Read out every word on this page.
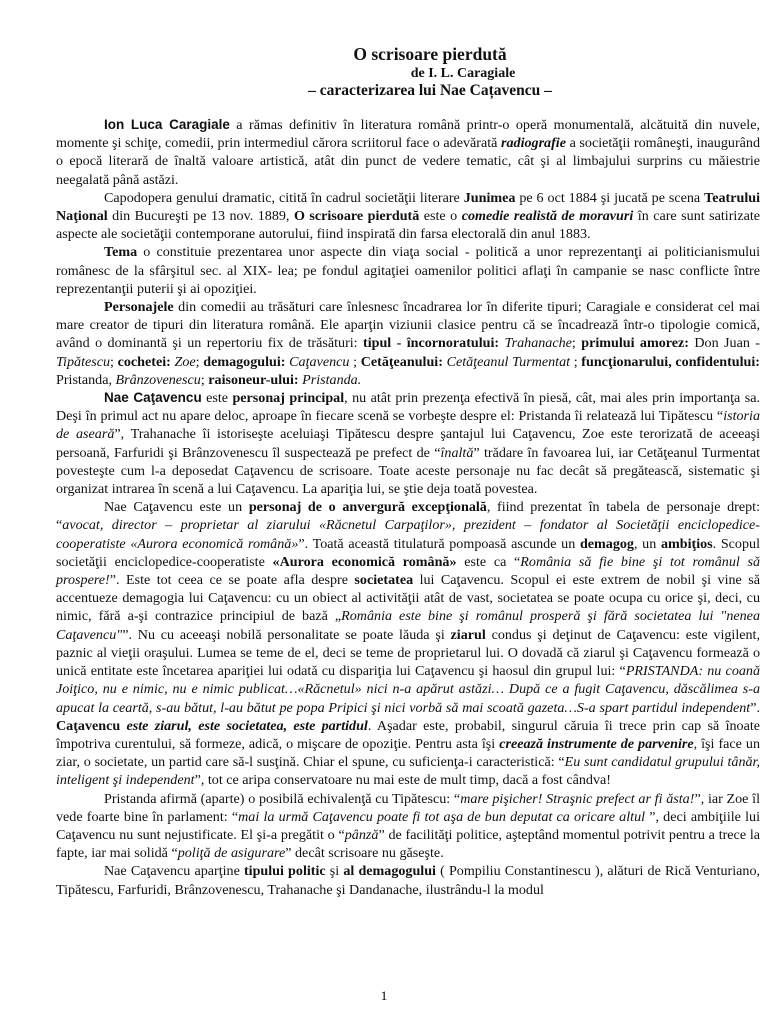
O scrisoare pierdută
de I. L. Caragiale
– caracterizarea lui Nae Cațavencu –

Ion Luca Caragiale a rămas definitiv în literatura română printr-o operă monumentală, alcătuită din nuvele, momente şi schiţe, comedii, prin intermediul cărora scriitorul face o adevărată radiografie a societăţii româneşti, inaugurând o epocă literară de înaltă valoare artistică, atât din punct de vedere tematic, cât şi al limbajului surprins cu măiestrie neegalată până astăzi.

Capodopera genului dramatic, citită în cadrul societăţii literare Junimea pe 6 oct 1884 şi jucată pe scena Teatrului Naţional din Bucureşti pe 13 nov. 1889, O scrisoare pierdută este o comedie realistă de moravuri în care sunt satirizate aspecte ale societăţii contemporane autorului, fiind inspirată din farsa electorală din anul 1883.

Tema o constituie prezentarea unor aspecte din viaţa social - politică a unor reprezentanţi ai politicianismului românesc de la sfârşitul sec. al XIX- lea; pe fondul agitaţiei oamenilor politici aflaţi în campanie se nasc conflicte între reprezentanţii puterii şi ai opoziţiei.

Personajele din comedii au trăsături care înlesnesc încadrarea lor în diferite tipuri; Caragiale e considerat cel mai mare creator de tipuri din literatura română. Ele aparţin viziunii clasice pentru că se încadrează într-o tipologie comică, având o dominantă şi un repertoriu fix de trăsături: tipul - încornoratului: Trahanache; primului amorez: Don Juan - Tipătescu; cochetei: Zoe; demagogului: Caţavencu ; Cetăţeanului: Cetăţeanul Turmentat ; funcţionarului, confidentului: Pristanda, Brânzovenescu; raisoneur-ului: Pristanda.

Nae Caţavencu este personaj principal, nu atât prin prezenţa efectivă în piesă, cât, mai ales prin importanţa sa. Deşi în primul act nu apare deloc, aproape în fiecare scenă se vorbeşte despre el: Pristanda îi relatează lui Tipătescu “istoria de aseară”, Trahanache îi istoriseşte aceluiaşi Tipătescu despre şantajul lui Caţavencu, Zoe este terorizată de aceeaşi persoană, Farfuridi şi Brânzovenescu îl suspectează pe prefect de “înaltă” trădare în favoarea lui, iar Cetăţeanul Turmentat povesteşte cum l-a deposedat Caţavencu de scrisoare. Toate aceste personaje nu fac decât să pregătească, sistematic şi organizat intrarea în scenă a lui Caţavencu. La apariţia lui, se ştie deja toată povestea.

Nae Caţavencu este un personaj de o anvergură excepţională, fiind prezentat în tabela de personaje drept: “avocat, director – proprietar al ziarului «Răcnetul Carpaţilor», prezident – fondator al Societăţii enciclopedice-cooperatiste «Aurora economică română»”. Toată această titulatură pompoasă ascunde un demagog, un ambiţios. Scopul societăţii enciclopedice-cooperatiste «Aurora economică română» este ca “România să fie bine şi tot românul să prospere!”. Este tot ceea ce se poate afla despre societatea lui Caţavencu. Scopul ei este extrem de nobil şi vine să accentueze demagogia lui Caţavencu: cu un obiect al activităţii atât de vast, societatea se poate ocupa cu orice şi, deci, cu nimic, fără a-şi contrazice principiul de bază „România este bine şi românul prosperă şi fără societatea lui "nenea Caţavencu"”. Nu cu aceeaşi nobilă personalitate se poate lăuda şi ziarul condus şi deţinut de Caţavencu: este vigilent, paznic al vieţii oraşului. Lumea se teme de el, deci se teme de proprietarul lui. O dovadă că ziarul şi Caţavencu formează o unică entitate este încetarea apariţiei lui odată cu dispariţia lui Caţavencu şi haosul din grupul lui: “PRISTANDA: nu coană Joiţico, nu e nimic, nu e nimic publicat…«Răcnetul» nici n-a apărut astăzi… După ce a fugit Caţavencu, dăscălimea s-a apucat la ceartă, s-au bătut, l-au bătut pe popa Pripici şi nici vorbă să mai scoată gazeta…S-a spart partidul independent”. Caţavencu este ziarul, este societatea, este partidul. Aşadar este, probabil, singurul căruia îi trece prin cap să înoate împotriva curentului, să formeze, adică, o mişcare de opoziţie. Pentru asta îşi creează instrumente de parvenire, îşi face un ziar, o societate, un partid care să-l susţină. Chiar el spune, cu suficienţa-i caracteristică: “Eu sunt candidatul grupului tânăr, inteligent şi independent”, tot ce aripa conservatoare nu mai este de mult timp, dacă a fost cândva!

Pristanda afirmă (aparte) o posibilă echivalenţă cu Tipătescu: “mare pişicher! Straşnic prefect ar fi ăsta!”, iar Zoe îl vede foarte bine în parlament: “mai la urmă Caţavencu poate fi tot aşa de bun deputat ca oricare altul ”, deci ambiţiile lui Caţavencu nu sunt nejustificate. El şi-a pregătit o “pânză” de facilităţi politice, aşteptând momentul potrivit pentru a trece la fapte, iar mai solidă “poliţă de asigurare” decât scrisoare nu găseşte.

Nae Caţavencu aparţine tipului politic şi al demagogului ( Pompiliu Constantinescu ), alături de Rică Venturiano, Tipătescu, Farfuridi, Brânzovenescu, Trahanache şi Dandanache, ilustrându-l la modul

1
